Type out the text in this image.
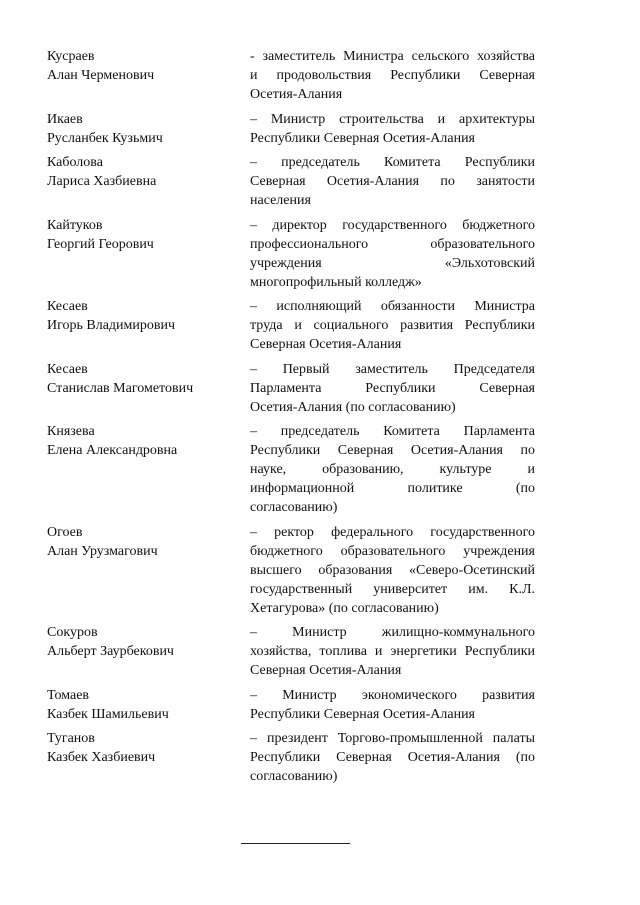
Кусраев
Алан Черменович
- заместитель Министра сельского хозяйства
и продовольствия Республики Северная
Осетия-Алания
Икаев
Русланбек Кузьмич
– Министр строительства и архитектуры
Республики Северная Осетия-Алания
Каболова
Лариса Хазбиевна
– председатель Комитета Республики
Северная Осетия-Алания по занятости
населения
Кайтуков
Георгий Георович
– директор государственного бюджетного
профессионального образовательного
учреждения «Эльхотовский
многопрофильный колледж»
Кесаев
Игорь Владимирович
– исполняющий обязанности Министра
труда и социального развития Республики
Северная Осетия-Алания
Кесаев
Станислав Магометович
– Первый заместитель Председателя
Парламента Республики Северная
Осетия-Алания (по согласованию)
Князева
Елена Александровна
– председатель Комитета Парламента
Республики Северная Осетия-Алания по
науке, образованию, культуре и
информационной политике (по
согласованию)
Огоев
Алан Урузмагович
– ректор федерального государственного
бюджетного образовательного учреждения
высшего образования «Северо-Осетинский
государственный университет им. К.Л.
Хетагурова» (по согласованию)
Сокуров
Альберт Заурбекович
– Министр жилищно-коммунального
хозяйства, топлива и энергетики Республики
Северная Осетия-Алания
Томаев
Казбек Шамильевич
– Министр экономического развития
Республики Северная Осетия-Алания
Туганов
Казбек Хазбиевич
– президент Торгово-промышленной палаты
Республики Северная Осетия-Алания (по
согласованию)
